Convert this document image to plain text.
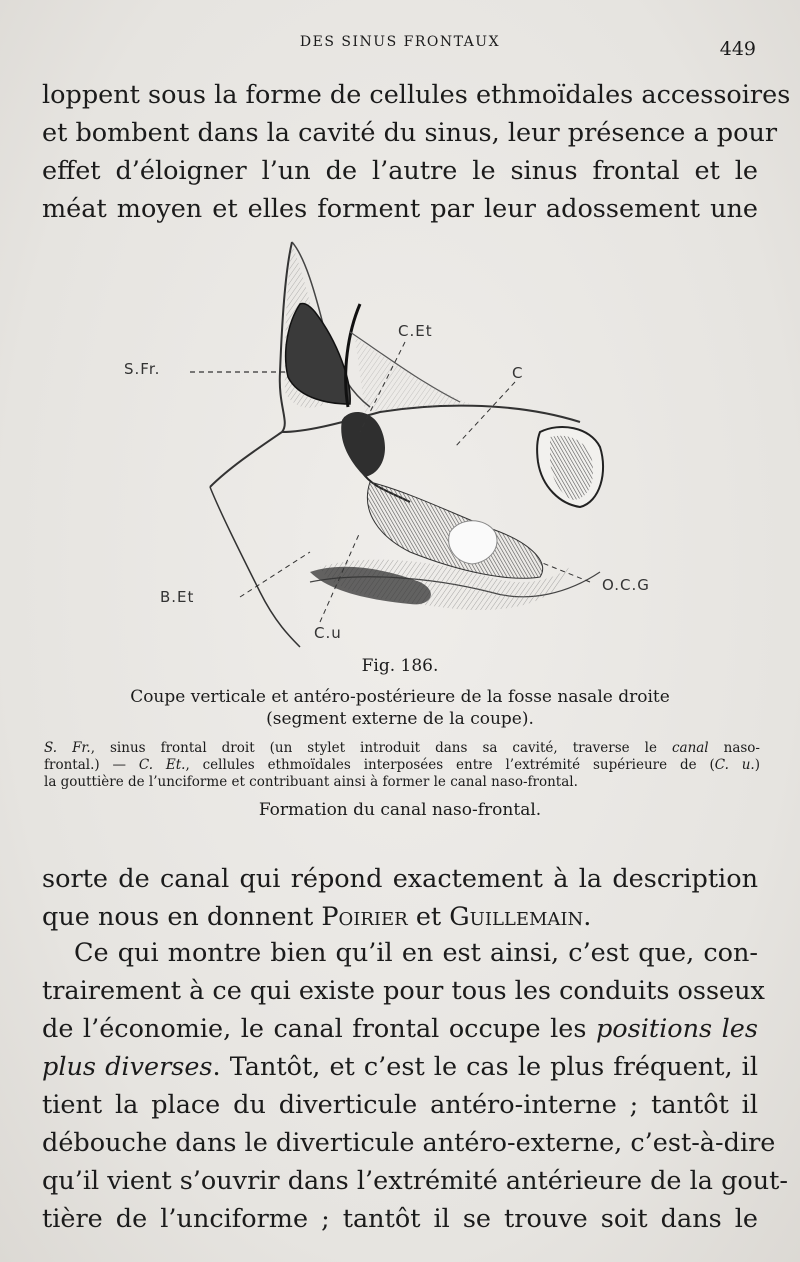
DES SINUS FRONTAUX	449

loppent sous la forme de cellules ethmoïdales accessoires
et bombent dans la cavité du sinus, leur présence a pour
effet d’éloigner l’un de l’autre le sinus frontal et le
méat moyen et elles forment par leur adossement une

S.Fr.
C.Et
C
B.Et
O.C.G
C.u
Fig. 186.
Coupe verticale et antéro-postérieure de la fosse nasale droite
(segment externe de la coupe).
S. Fr., sinus frontal droit (un stylet introduit dans sa cavité, traverse le canal naso-
frontal.) — C. Et., cellules ethmoïdales interposées entre l’extrémité supérieure de (C. u.)
la gouttière de l’unciforme et contribuant ainsi à former le canal naso-frontal.
Formation du canal naso-frontal.

sorte de canal qui répond exactement à la description
que nous en donnent Poirier et Guillemain.

Ce qui montre bien qu’il en est ainsi, c’est que, con-
trairement à ce qui existe pour tous les conduits osseux
de l’économie, le canal frontal occupe les positions les
plus diverses. Tantôt, et c’est le cas le plus fréquent, il
tient la place du diverticule antéro-interne ; tantôt il
débouche dans le diverticule antéro-externe, c’est-à-dire
qu’il vient s’ouvrir dans l’extrémité antérieure de la gout-
tière de l’unciforme ; tantôt il se trouve soit dans le
